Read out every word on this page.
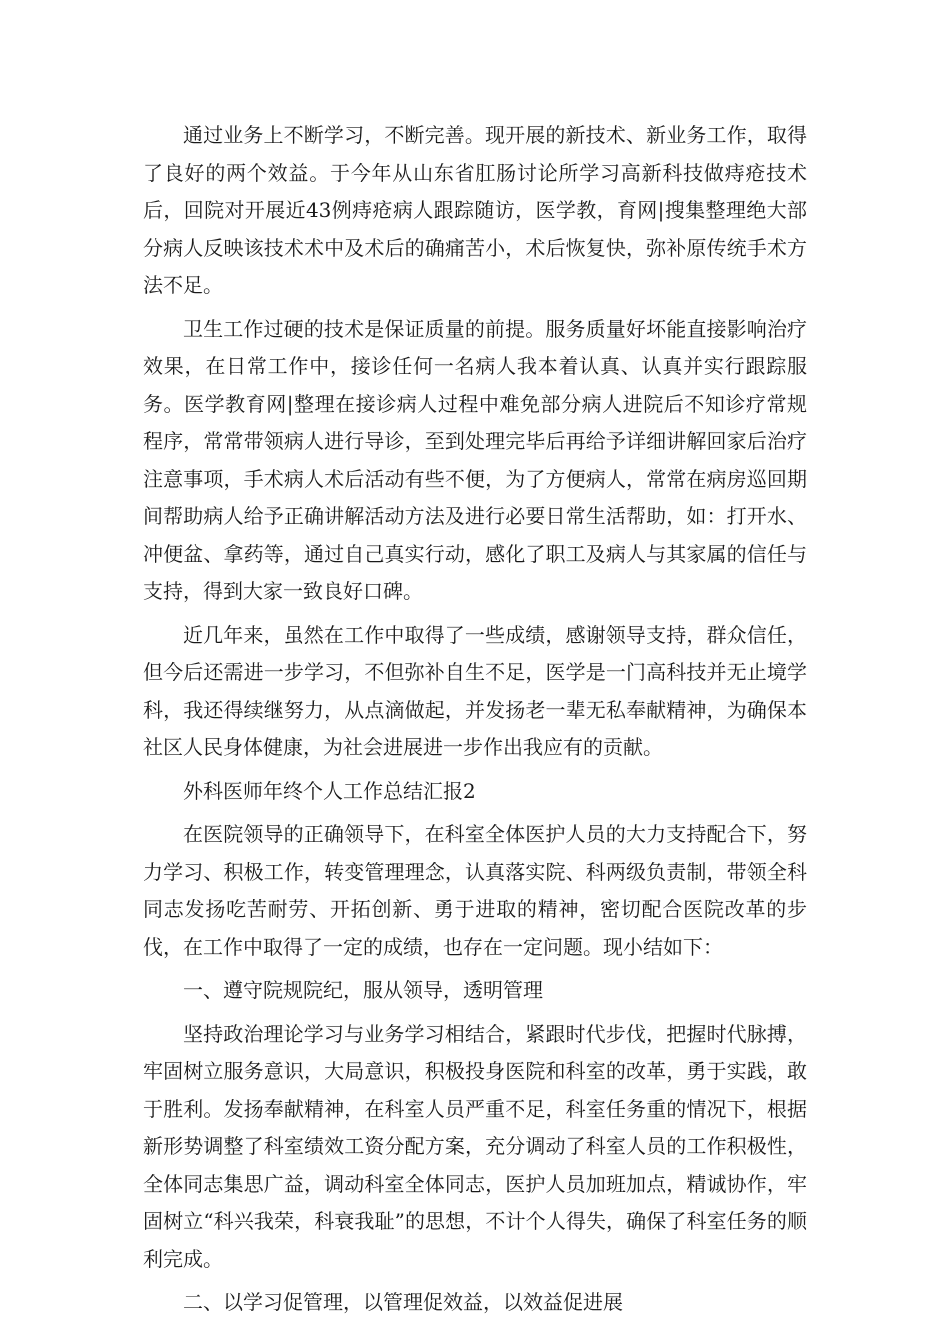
通过业务上不断学习，不断完善。现开展的新技术、新业务工作，取得了良好的两个效益。于今年从山东省肛肠讨论所学习高新科技做痔疮技术后，回院对开展近43例痔疮病人跟踪随访，医学教，育网|搜集整理绝大部分病人反映该技术术中及术后的确痛苦小，术后恢复快，弥补原传统手术方法不足。

卫生工作过硬的技术是保证质量的前提。服务质量好坏能直接影响治疗效果，在日常工作中，接诊任何一名病人我本着认真、认真并实行跟踪服务。医学教育网|整理在接诊病人过程中难免部分病人进院后不知诊疗常规程序，常常带领病人进行导诊，至到处理完毕后再给予详细讲解回家后治疗注意事项，手术病人术后活动有些不便，为了方便病人，常常在病房巡回期间帮助病人给予正确讲解活动方法及进行必要日常生活帮助，如：打开水、冲便盆、拿药等，通过自己真实行动，感化了职工及病人与其家属的信任与支持，得到大家一致良好口碑。

近几年来，虽然在工作中取得了一些成绩，感谢领导支持，群众信任，但今后还需进一步学习，不但弥补自生不足，医学是一门高科技并无止境学科，我还得续继努力，从点滴做起，并发扬老一辈无私奉献精神，为确保本社区人民身体健康，为社会进展进一步作出我应有的贡献。

外科医师年终个人工作总结汇报2

在医院领导的正确领导下，在科室全体医护人员的大力支持配合下，努力学习、积极工作，转变管理理念，认真落实院、科两级负责制，带领全科同志发扬吃苦耐劳、开拓创新、勇于进取的精神，密切配合医院改革的步伐，在工作中取得了一定的成绩，也存在一定问题。现小结如下：

一、遵守院规院纪，服从领导，透明管理

坚持政治理论学习与业务学习相结合，紧跟时代步伐，把握时代脉搏，牢固树立服务意识，大局意识，积极投身医院和科室的改革，勇于实践，敢于胜利。发扬奉献精神，在科室人员严重不足，科室任务重的情况下，根据新形势调整了科室绩效工资分配方案，充分调动了科室人员的工作积极性，全体同志集思广益，调动科室全体同志，医护人员加班加点，精诚协作，牢固树立“科兴我荣，科衰我耻”的思想，不计个人得失，确保了科室任务的顺利完成。

二、以学习促管理，以管理促效益，以效益促进展
